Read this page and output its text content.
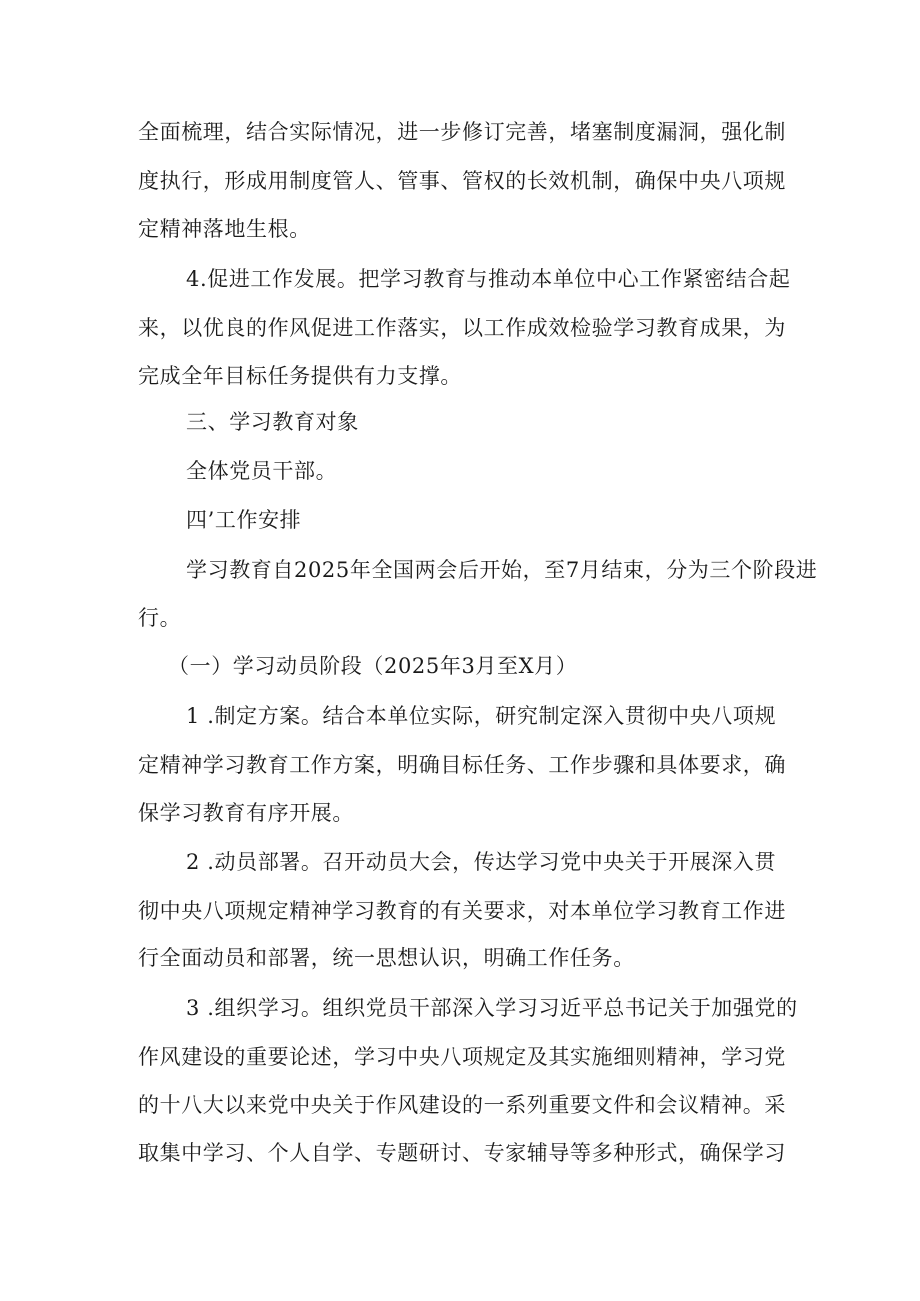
全面梳理，结合实际情况，进一步修订完善，堵塞制度漏洞，强化制
度执行，形成用制度管人、管事、管权的长效机制，确保中央八项规
定精神落地生根。
4.促进工作发展。把学习教育与推动本单位中心工作紧密结合起
来，以优良的作风促进工作落实，以工作成效检验学习教育成果，为
完成全年目标任务提供有力支撑。
三、学习教育对象
全体党员干部。
四’工作安排
学习教育自2025年全国两会后开始，至7月结束，分为三个阶段进
行。
（一）学习动员阶段（2025年3月至X月）
1 .制定方案。结合本单位实际，研究制定深入贯彻中央八项规
定精神学习教育工作方案，明确目标任务、工作步骤和具体要求，确
保学习教育有序开展。
2 .动员部署。召开动员大会，传达学习党中央关于开展深入贯
彻中央八项规定精神学习教育的有关要求，对本单位学习教育工作进
行全面动员和部署，统一思想认识，明确工作任务。
3 .组织学习。组织党员干部深入学习习近平总书记关于加强党的
作风建设的重要论述，学习中央八项规定及其实施细则精神，学习党
的十八大以来党中央关于作风建设的一系列重要文件和会议精神。采
取集中学习、个人自学、专题研讨、专家辅导等多种形式，确保学习
